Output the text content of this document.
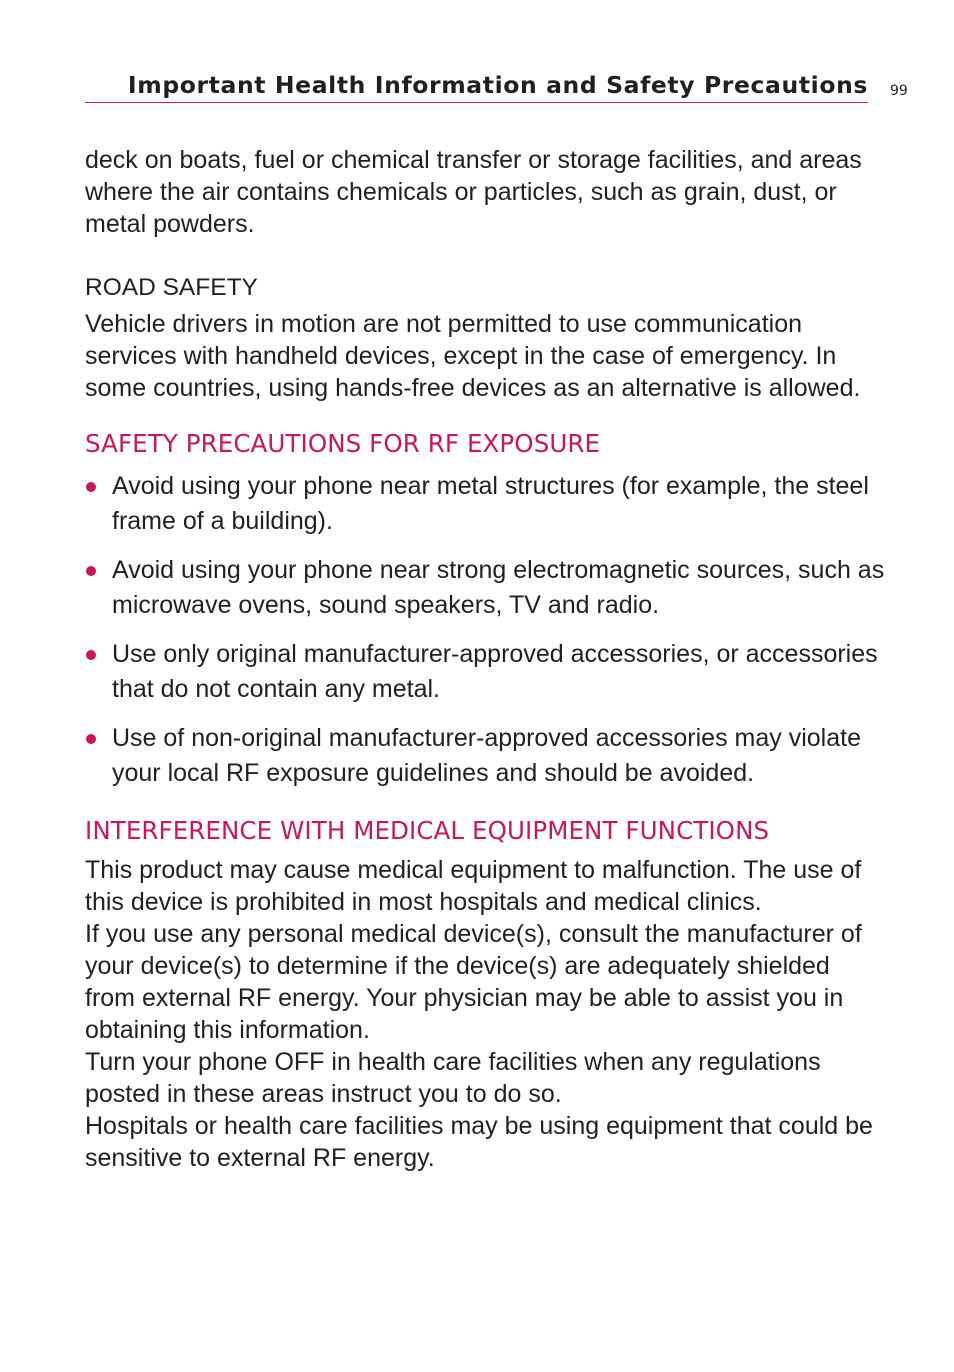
Important Health Information and Safety Precautions 99

deck on boats, fuel or chemical transfer or storage facilities, and areas where the air contains chemicals or particles, such as grain, dust, or metal powders.

ROAD SAFETY

Vehicle drivers in motion are not permitted to use communication services with handheld devices, except in the case of emergency. In some countries, using hands-free devices as an alternative is allowed.

SAFETY PRECAUTIONS FOR RF EXPOSURE
Avoid using your phone near metal structures (for example, the steel frame of a building).
Avoid using your phone near strong electromagnetic sources, such as microwave ovens, sound speakers, TV and radio.
Use only original manufacturer-approved accessories, or accessories that do not contain any metal.
Use of non-original manufacturer-approved accessories may violate your local RF exposure guidelines and should be avoided.
INTERFERENCE WITH MEDICAL EQUIPMENT FUNCTIONS

This product may cause medical equipment to malfunction. The use of this device is prohibited in most hospitals and medical clinics.

If you use any personal medical device(s), consult the manufacturer of your device(s) to determine if the device(s) are adequately shielded from external RF energy. Your physician may be able to assist you in obtaining this information.

Turn your phone OFF in health care facilities when any regulations posted in these areas instruct you to do so.

Hospitals or health care facilities may be using equipment that could be sensitive to external RF energy.
